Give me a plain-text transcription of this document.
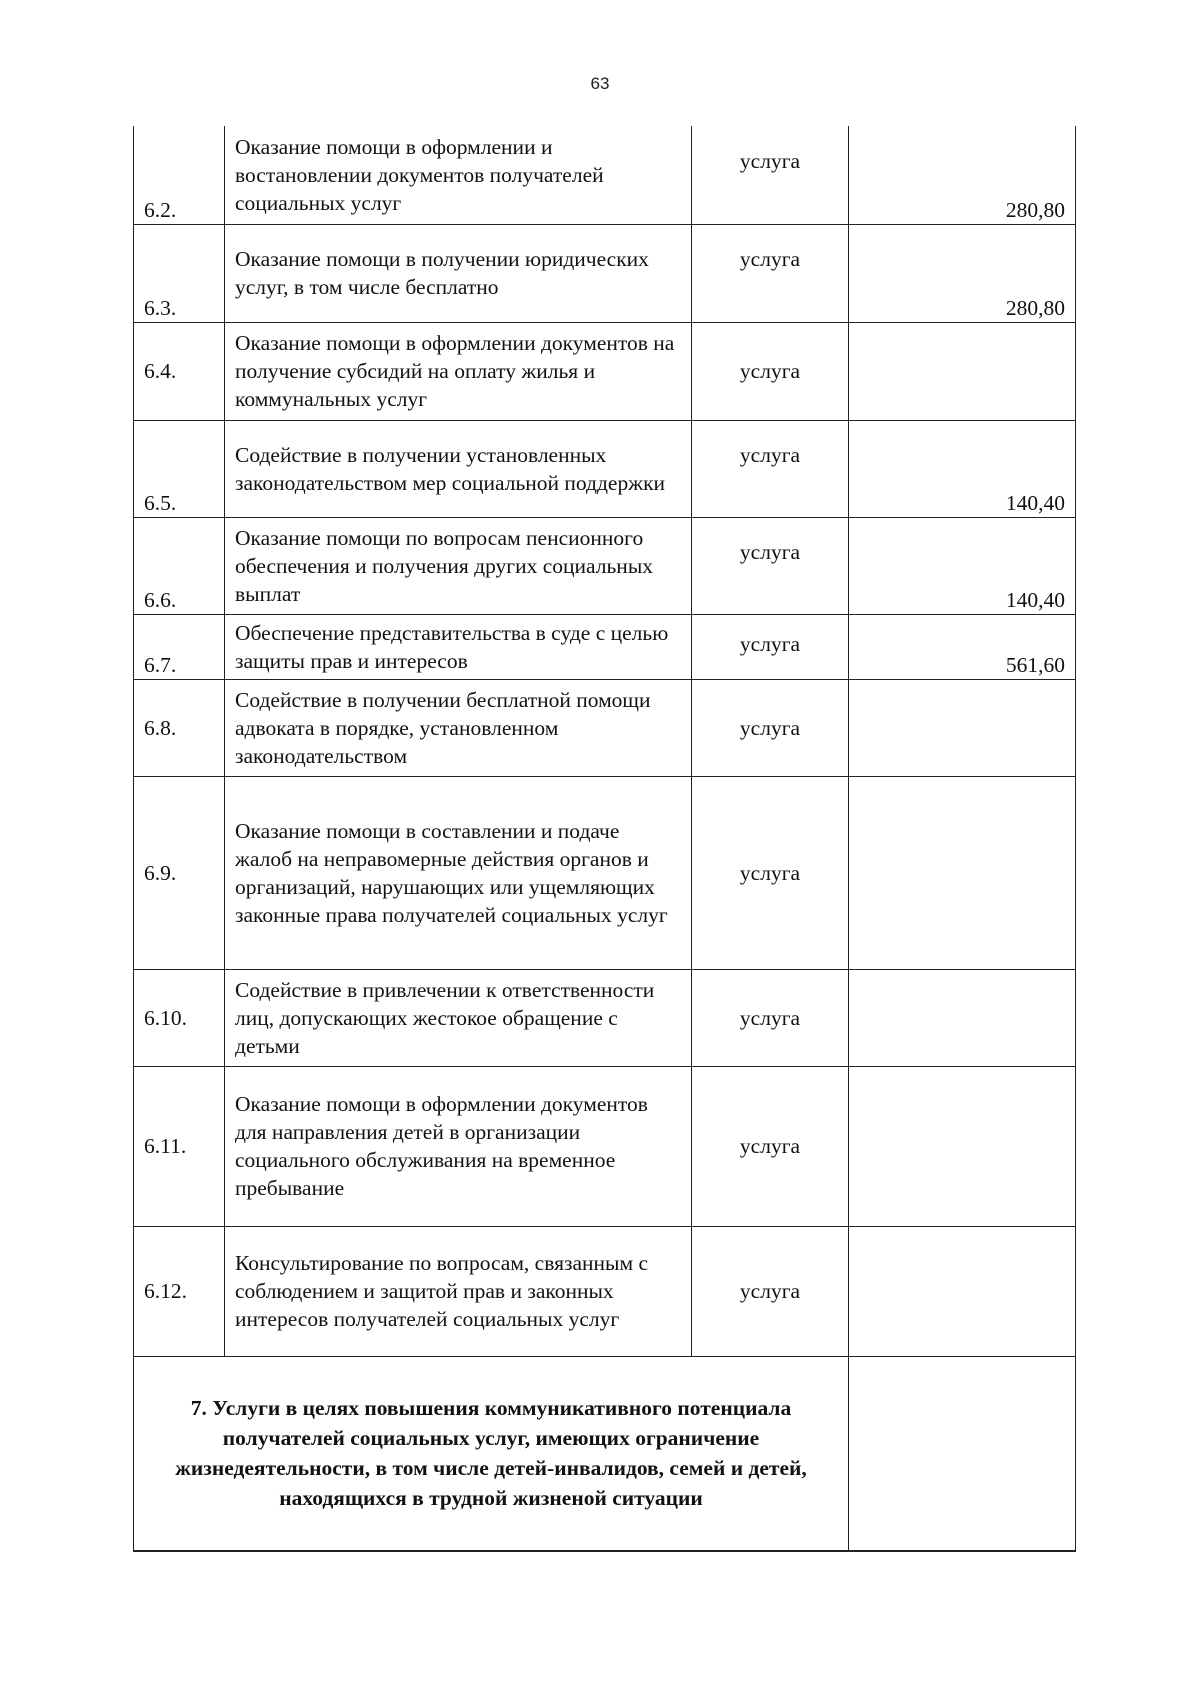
63
6.2.	Оказание помощи в оформлении и востановлении документов получателей социальных услуг	услуга	280,80
6.3.	Оказание помощи в получении юридических услуг, в том числе бесплатно	услуга	280,80
6.4.	Оказание помощи в оформлении документов на получение субсидий на оплату жилья и коммунальных услуг	услуга	
6.5.	Содействие в получении установленных законодательством мер социальной поддержки	услуга	140,40
6.6.	Оказание помощи по вопросам пенсионного обеспечения и получения других социальных выплат	услуга	140,40
6.7.	Обеспечение представительства в суде с целью защиты прав и интересов	услуга	561,60
6.8.	Содействие в получении бесплатной помощи адвоката в порядке, установленном законодательством	услуга	
6.9.	Оказание помощи в составлении и подаче жалоб на неправомерные действия органов и организаций, нарушающих или ущемляющих законные права получателей социальных услуг	услуга	
6.10.	Содействие в привлечении к ответственности лиц, допускающих жестокое обращение с детьми	услуга	
6.11.	Оказание помощи в оформлении документов для направления детей в организации социального обслуживания на временное пребывание	услуга	
6.12.	Консультирование по вопросам, связанным с соблюдением и защитой прав и законных интересов получателей социальных услуг	услуга	
7. Услуги в целях повышения коммуникативного потенциала получателей социальных услуг, имеющих ограничение жизнедеятельности, в том числе детей-инвалидов, семей и детей, находящихся в трудной жизненой ситуации			
